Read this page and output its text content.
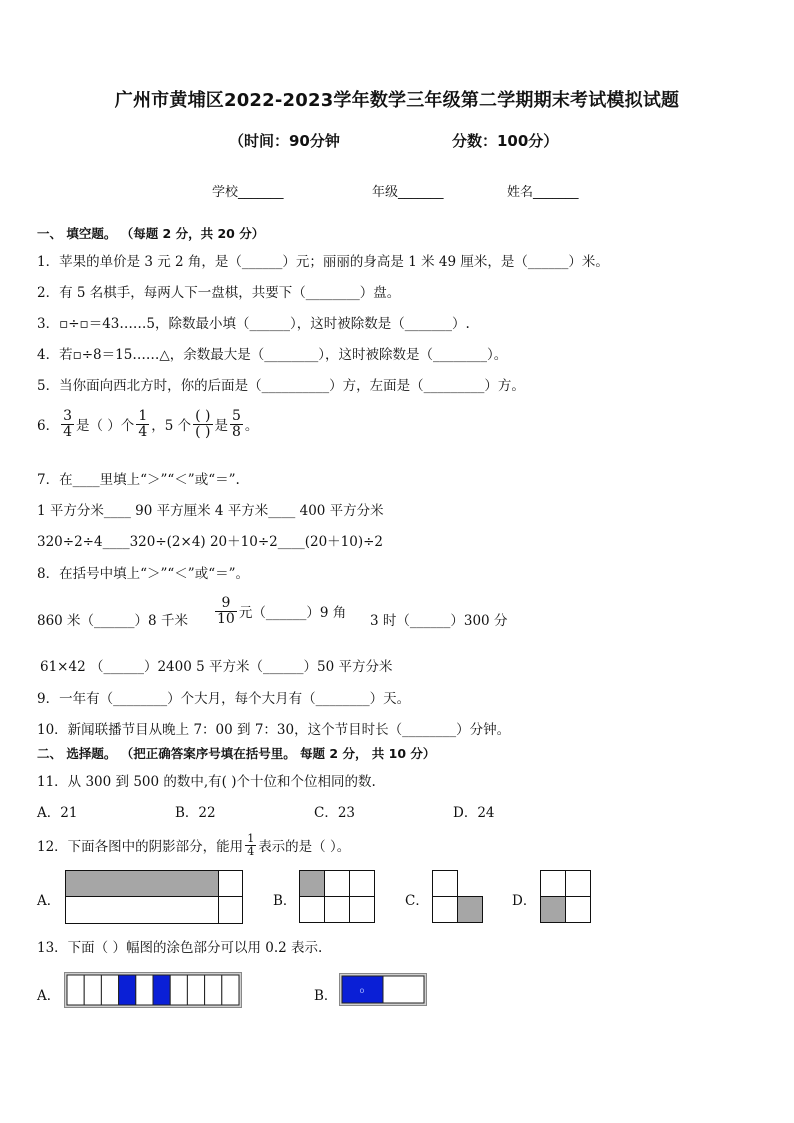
广州市黄埔区2022-2023学年数学三年级第二学期期末考试模拟试题
（时间：90分钟	分数：100分）
学校_______	年级_______	姓名_______
一、 填空题。 （每题 2 分，共 20 分）
1．苹果的单价是 3 元 2 角，是（______）元；丽丽的身高是 1 米 49 厘米，是（______）米。
2．有 5 名棋手，每两人下一盘棋，共要下（________）盘。
3．▫÷▫＝43……5，除数最小填（______），这时被除数是（_______）.
4．若▫÷8＝15……△，余数最大是（________），这时被除数是（________）。
5．当你面向西北方时，你的后面是（__________）方，左面是（_________）方。
6． $\frac{3}{4}$ 是（ ）个 $\frac{1}{4}$ ，5 个 $\frac{( )}{( )}$ 是 $\frac{5}{8}$ 。
7．在____里填上“＞”“＜”或“＝”.
1 平方分米____ 90 平方厘米 4 平方米____ 400 平方分米
320÷2÷4____320÷(2×4) 20＋10÷2____(20＋10)÷2
8．在括号中填上“＞”“＜”或“＝”。
860 米（______）8 千米 $\frac{9}{10}$ 元（______）9 角 3 时（______）300 分
61×42 （______）2400 5 平方米（______）50 平方分米
9．一年有（________）个大月，每个大月有（________）天。
10．新闻联播节目从晚上 7：00 到 7：30，这个节目时长（________）分钟。
二、 选择题。 （把正确答案序号填在括号里。 每题 2 分， 共 10 分）
11．从 300 到 500 的数中,有( )个十位和个位相同的数.
A．21	B．22	C．23	D．24
12．下面各图中的阴影部分，能用 $\frac{1}{4}$ 表示的是（ ）。
A．	B．	C．	D．
13．下面（ ）幅图的涂色部分可以用 0.2 表示.
A．	B．	o
